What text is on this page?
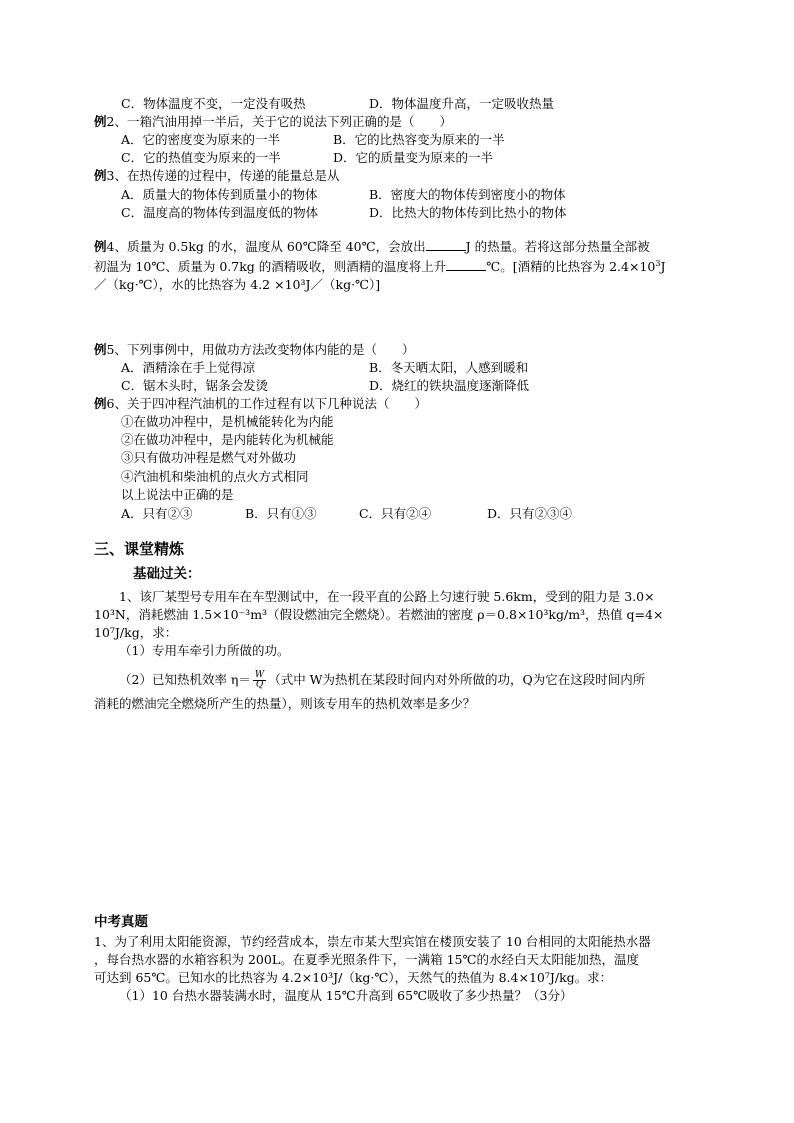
C．物体温度不变，一定没有吸热	D．物体温度升高，一定吸收热量
例2、一箱汽油用掉一半后，关于它的说法下列正确的是（　　）
A．它的密度变为原来的一半	B．它的比热容变为原来的一半
C．它的热值变为原来的一半	D．它的质量变为原来的一半
例3、在热传递的过程中，传递的能量总是从
A．质量大的物体传到质量小的物体	B．密度大的物体传到密度小的物体
C．温度高的物体传到温度低的物体	D．比热大的物体传到比热小的物体
例4、质量为 0.5kg 的水，温度从 60℃降至 40℃，会放出	J 的热量。若将这部分热量全部被
初温为 10℃、质量为 0.7kg 的酒精吸收，则酒精的温度将上升	℃。[酒精的比热容为 $2.4\times 10^3J$
／（kg·℃），水的比热容为 4.2 ×10³J／（kg·℃）]
例5、下列事例中，用做功方法改变物体内能的是（　　）
A．酒精涂在手上觉得凉	B．冬天晒太阳，人感到暖和
C．锯木头时，锯条会发烫	D．烧红的铁块温度逐渐降低
例6、关于四冲程汽油机的工作过程有以下几种说法（　　）
①在做功冲程中，是机械能转化为内能
②在做功冲程中，是内能转化为机械能
③只有做功冲程是燃气对外做功
④汽油机和柴油机的点火方式相同
以上说法中正确的是
A．只有②③	B．只有①③	C．只有②④	D．只有②③④
三、课堂精炼
基础过关：
1、该厂某型号专用车在车型测试中，在一段平直的公路上匀速行驶 5.6km，受到的阻力是 3.0×
10³N，消耗燃油 1.5×10⁻³m³（假设燃油完全燃烧）。若燃油的密度 ρ＝0.8×10³kg/m³，热值 q=4×
10⁷J/kg，求：
（1）专用车牵引力所做的功。
（2）已知热机效率 $\eta= \frac{W}{Q}$ （式中 W为热机在某段时间内对外所做的功，Q为它在这段时间内所
消耗的燃油完全燃烧所产生的热量），则该专用车的热机效率是多少？
中考真题
1、为了利用太阳能资源，节约经营成本，崇左市某大型宾馆在楼顶安装了 10 台相同的太阳能热水器
，每台热水器的水箱容积为 200L。在夏季光照条件下，一满箱 15℃的水经白天太阳能加热，温度
可达到 65℃。已知水的比热容为 4.2×10³J/（kg·℃），天然气的热值为 8.4×10⁷J/kg。求：
（1）10 台热水器装满水时，温度从 15℃升高到 65℃吸收了多少热量？（3分）
